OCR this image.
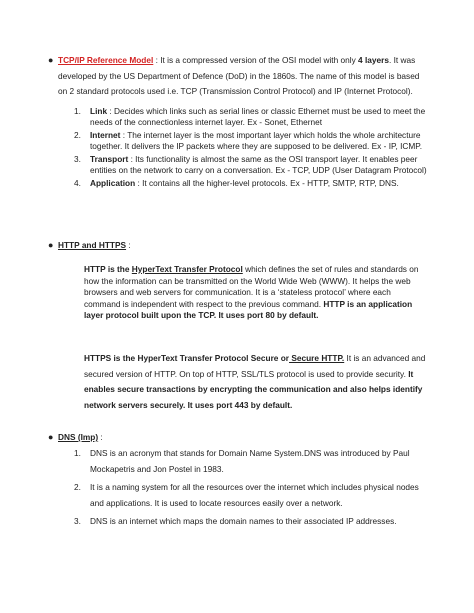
● TCP/IP Reference Model : It is a compressed version of the OSI model with only 4 layers. It was developed by the US Department of Defence (DoD) in the 1860s. The name of this model is based on 2 standard protocols used i.e. TCP (Transmission Control Protocol) and IP (Internet Protocol).

1. Link : Decides which links such as serial lines or classic Ethernet must be used to meet the needs of the connectionless internet layer. Ex - Sonet, Ethernet
2. Internet : The internet layer is the most important layer which holds the whole architecture together. It delivers the IP packets where they are supposed to be delivered. Ex - IP, ICMP.
3. Transport : Its functionality is almost the same as the OSI transport layer. It enables peer entities on the network to carry on a conversation. Ex - TCP, UDP (User Datagram Protocol)
4. Application : It contains all the higher-level protocols. Ex - HTTP, SMTP, RTP, DNS.
● HTTP and HTTPS :

HTTP is the HyperText Transfer Protocol which defines the set of rules and standards on how the information can be transmitted on the World Wide Web (WWW). It helps the web browsers and web servers for communication. It is a ‘stateless protocol’ where each command is independent with respect to the previous command. HTTP is an application layer protocol built upon the TCP. It uses port 80 by default.

HTTPS is the HyperText Transfer Protocol Secure or Secure HTTP. It is an advanced and secured version of HTTP. On top of HTTP, SSL/TLS protocol is used to provide security. It enables secure transactions by encrypting the communication and also helps identify network servers securely. It uses port 443 by default.

● DNS (Imp) :

1. DNS is an acronym that stands for Domain Name System.DNS was introduced by Paul Mockapetris and Jon Postel in 1983.
2. It is a naming system for all the resources over the internet which includes physical nodes and applications. It is used to locate resources easily over a network.
3. DNS is an internet which maps the domain names to their associated IP addresses.
